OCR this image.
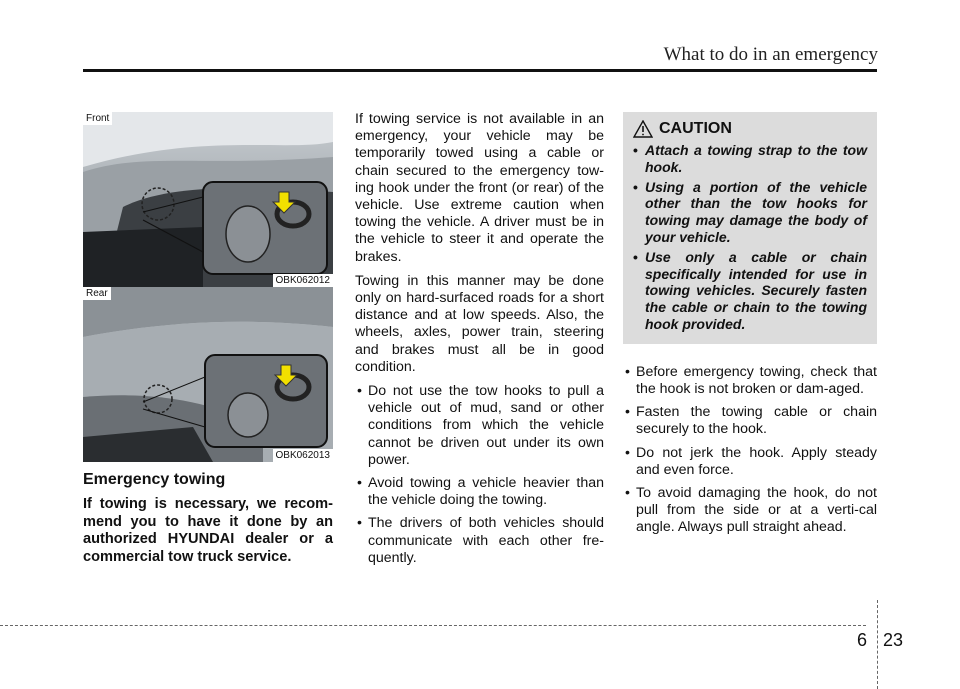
What to do in an emergency
Front
OBK062012
Rear
OBK062013
Emergency towing

If towing is necessary, we recom-mend you to have it done by an authorized HYUNDAI dealer or a commercial tow truck service.

If towing service is not available in an emergency, your vehicle may be temporarily towed using a cable or chain secured to the emergency tow-ing hook under the front (or rear) of the vehicle. Use extreme caution when towing the vehicle. A driver must be in the vehicle to steer it and operate the brakes.

Towing in this manner may be done only on hard-surfaced roads for a short distance and at low speeds. Also, the wheels, axles, power train, steering and brakes must all be in good condition.

• Do not use the tow hooks to pull a vehicle out of mud, sand or other conditions from which the vehicle cannot be driven out under its own power.
• Avoid towing a vehicle heavier than the vehicle doing the towing.
• The drivers of both vehicles should communicate with each other fre-quently.
CAUTION
• Attach a towing strap to the tow hook.
• Using a portion of the vehicle other than the tow hooks for towing may damage the body of your vehicle.
• Use only a cable or chain specifically intended for use in towing vehicles. Securely fasten the cable or chain to the towing hook provided.
• Before emergency towing, check that the hook is not broken or dam-aged.
• Fasten the towing cable or chain securely to the hook.
• Do not jerk the hook. Apply steady and even force.
• To avoid damaging the hook, do not pull from the side or at a verti-cal angle. Always pull straight ahead.
6 23
